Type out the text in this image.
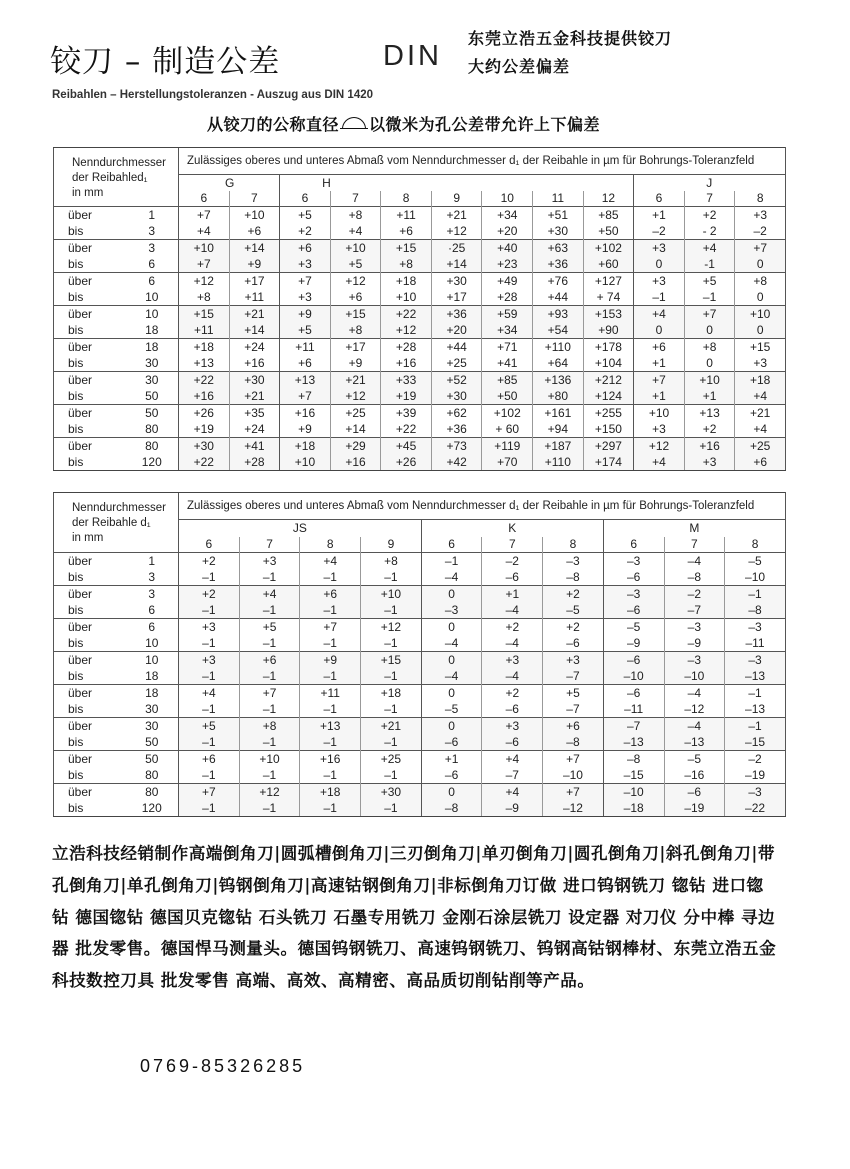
铰刀 – 制造公差	DIN
东莞立浩五金科技提供铰刀
大约公差偏差
Reibahlen – Herstellungstoleranzen - Auszug aus DIN 1420
从铰刀的公称直径 以微米为孔公差带允许上下偏差
Nenndurchmesser
der Reibahled₁
in mm		Zulässiges oberes und unteres Abmaß vom Nenndurchmesser d₁ der Reibahle in µm für Bohrungs-Toleranzfeld											
		G		H							J		
		6	7	6	7	8	9	10	11	12	6	7	8
über	1	+7	+10	+5	+8	+11	+21	+34	+51	+85	+1	+2	+3
bis	3	+4	+6	+2	+4	+6	+12	+20	+30	+50	–2	- 2	–2
über	3	+10	+14	+6	+10	+15	·25	+40	+63	+102	+3	+4	+7
bis	6	+7	+9	+3	+5	+8	+14	+23	+36	+60	0	-1	0
über	6	+12	+17	+7	+12	+18	+30	+49	+76	+127	+3	+5	+8
bis	10	+8	+11	+3	+6	+10	+17	+28	+44	+ 74	–1	–1	0
über	10	+15	+21	+9	+15	+22	+36	+59	+93	+153	+4	+7	+10
bis	18	+11	+14	+5	+8	+12	+20	+34	+54	+90	0	0	0
über	18	+18	+24	+11	+17	+28	+44	+71	+110	+178	+6	+8	+15
bis	30	+13	+16	+6	+9	+16	+25	+41	+64	+104	+1	0	+3
über	30	+22	+30	+13	+21	+33	+52	+85	+136	+212	+7	+10	+18
bis	50	+16	+21	+7	+12	+19	+30	+50	+80	+124	+1	+1	+4
über	50	+26	+35	+16	+25	+39	+62	+102	+161	+255	+10	+13	+21
bis	80	+19	+24	+9	+14	+22	+36	+ 60	+94	+150	+3	+2	+4
über	80	+30	+41	+18	+29	+45	+73	+119	+187	+297	+12	+16	+25
bis	120	+22	+28	+10	+16	+26	+42	+70	+110	+174	+4	+3	+6
Nenndurchmesser
der Reibahle d₁
in mm		Zulässiges oberes und unteres Abmaß vom Nenndurchmesser d₁ der Reibahle in µm für Bohrungs-Toleranzfeld									
		JS				K			M		
		6	7	8	9	6	7	8	6	7	8
über	1	+2	+3	+4	+8	–1	–2	–3	–3	–4	–5
bis	3	–1	–1	–1	–1	–4	–6	–8	–6	–8	–10
über	3	+2	+4	+6	+10	0	+1	+2	–3	–2	–1
bis	6	–1	–1	–1	–1	–3	–4	–5	–6	–7	–8
über	6	+3	+5	+7	+12	0	+2	+2	–5	–3	–3
bis	10	–1	–1	–1	–1	–4	–4	–6	–9	–9	–11
über	10	+3	+6	+9	+15	0	+3	+3	–6	–3	–3
bis	18	–1	–1	–1	–1	–4	–4	–7	–10	–10	–13
über	18	+4	+7	+11	+18	0	+2	+5	–6	–4	–1
bis	30	–1	–1	–1	–1	–5	–6	–7	–11	–12	–13
über	30	+5	+8	+13	+21	0	+3	+6	–7	–4	–1
bis	50	–1	–1	–1	–1	–6	–6	–8	–13	–13	–15
über	50	+6	+10	+16	+25	+1	+4	+7	–8	–5	–2
bis	80	–1	–1	–1	–1	–6	–7	–10	–15	–16	–19
über	80	+7	+12	+18	+30	0	+4	+7	–10	–6	–3
bis	120	–1	–1	–1	–1	–8	–9	–12	–18	–19	–22
立浩科技经销制作高端倒角刀|圆弧槽倒角刀|三刃倒角刀|单刃倒角刀|圆孔倒角刀|斜孔倒角刀|带孔倒角刀|单孔倒角刀|钨钢倒角刀|高速钴钢倒角刀|非标倒角刀订做 进口钨钢铣刀 锪钻 进口锪钻 德国锪钻 德国贝克锪钻 石头铣刀 石墨专用铣刀 金刚石涂层铣刀 设定器 对刀仪 分中棒 寻边器 批发零售。德国悍马测量头。德国钨钢铣刀、高速钨钢铣刀、钨钢高钴钢棒材、东莞立浩五金科技数控刀具 批发零售 高端、高效、高精密、高品质切削钻削等产品。
0769-85326285
